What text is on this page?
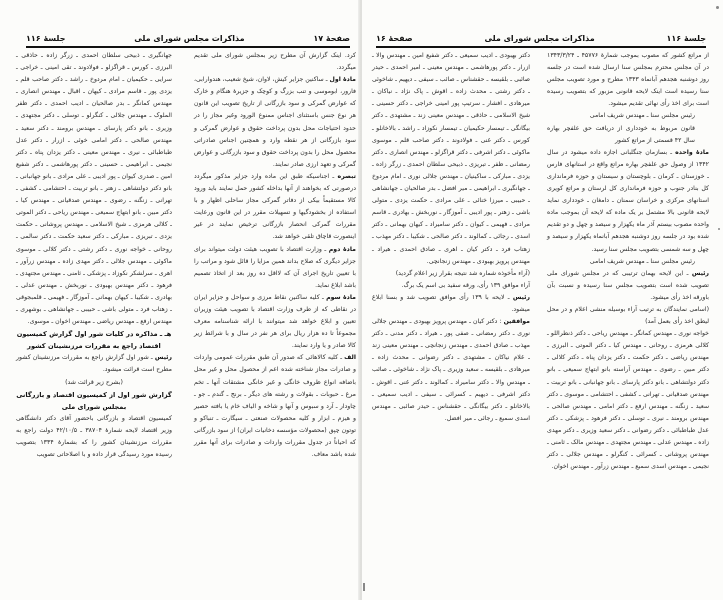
صفحهٔ ۱۷
مذاکرات مجلس شورای ملی
جلسهٔ ۱۱۶

کرد. اینک گزارش آن مطرح زیر بمجلس شورای ملی تقدیم میگردد.

مادهٔ اول ـ ساکنین جزایر کیش، لاوان، شیخ شعیب، هندوارابی، فارور، ابوموسی و تنب بزرگ و کوچک و جزیرهٔ هنگام و خارک که عوارض گمرکی و سود بازرگانی از تاریخ تصویب این قانون هر نوع جنس باستثنای اجناس ممنوع الورود وغیر مجاز را در حدود احتیاجات محل بدون پرداخت حقوق و عوارض گمرکی و سود بازرگانی از هر نقطه وارد و همچنین اجناس صادراتی محصول محل را بدون پرداخت حقوق و سود بازرگانی و عوارض گمرکی و تعهد ارزی صادر نمایند.

تبصره ـ اجناسیکه طبق این ماده وارد جزایر مذکور میگردد درصورتی که بخواهند از آنها بداخله کشور حمل نمایند باید ورود کالا مستقیماً بیکی از دفاتر گمرکی مجاز ساحلی اظهار و با استفاده از بخشودگیها و تسهیلات مقرر در این قانون ورعایت مقررات گمرکی انحصار بازرگانی ترخیص نمایند در غیر اینصورت قاچاق تلقی خواهد شد.

مادهٔ دوم ـ وزارت اقتصاد با تصویب هیئت دولت میتواند برای جزایر دیگری که صلاح بداند همین مزایا را قائل شود و مراتب را با تعیین تاریخ اجرای آن که لااقل ده روز بعد از اتخاذ تصمیم باشد ابلاغ نماید.

مادهٔ سوم ـ کلیه ساکنین نقاط مرزی و سواحل و جزایر ایران در نقاطی که از طرف وزارت اقتصاد با تصویب هیئت وزیران تعیین و ابلاغ خواهد شد میتوانند با ارائه شناسنامه معرف مجموعاً تا ده هزار ریال برای هر نفر در سال و با شرائط زیر کالا صادر و یا وارد نمایند.

الف ـ کلیه کالاهائی که صدور آن طبق مقررات عمومی واردات و صادرات مجاز شناخته شده اعم از محصول محل و غیر محل باضافه انواع ظروف خانگی و غیر خانگی مشتقات آنها ـ تخم مرغ ـ حبوبات ـ بقولات و رشته های دیگر ـ برنج ـ گندم ـ جو ـ چاودار ـ آرد و سبوس و آنها و شاخه و الیاف خام یا بافته حصیر و هیزم ـ ابزار و کلیه محصولات صنعتی ـ سیگارت ـ تنباکو و توتون چپق (محصولات مؤسسه دخانیات ایران) از سود بازرگانی که احیاناً در جدول مقررات واردات و صادرات برای آنها مقرر شده باشد معاف.

جهانگیری ـ ذبیحی سلطان احمدی ـ زرگر زاده ـ حاذقی ـ البرزی ـ کورس ـ قراگزلو ـ فولادوند ـ تقی امینی ـ خراجی ـ سرایی ـ حکیمیان ـ امام مردوخ ـ راشد ـ دکتر صاحب قلم ـ یزدی پور ـ قاسم مرادی ـ کیهان ـ اقبال ـ مهندس انصاری ـ مهندس کمانگر ـ بدر صالحیان ـ ادیب احمدی ـ دکتر ظفر الملوک ـ مهندس جلالی ـ کنگرلو ـ توسلی ـ دکتر مجتهدی ـ وزیری ـ بانو دکتر پارسای ـ مهندس برومند ـ دکتر سعید ـ مهندس صالحی ـ دکتر امامی خوئی ـ ازرار ـ دکتر عدل طباطبائی ـ نیری ـ مهندس معینی ـ دکتر یزدان پناه ـ دکتر نجیمی ـ ابراهیمی ـ حسینی ـ دکتر پورهاشمی ـ دکتر شفیع امین ـ صدری کیوان ـ پور ادیبی ـ علی مرادی ـ بانو جهانبانی ـ بانو دکتر دولتشاهی ـ زهتر ـ بانو تربیت ـ احتشامی ـ کشفی ـ تهرانی ـ زنگنه ـ رضوی ـ مهندس صدقیانی ـ مهندس کیا ـ دکتر مبین ـ بانو ابتهاج سمیعی ـ مهندس ریاحی ـ دکتر الموتی ـ کلالی هرمزی ـ شیخ الاسلامی ـ مهندس پروشانی ـ حکمت یزدی ـ تبریزی ـ مبارکی ـ دکتر سعید حکمت ـ دکتر سالمی ـ روحانی ـ خواجه نوری ـ دکتر رشتی ـ دکتر کلالی ـ موسوی ماکوئی ـ مهندس جلالی ـ دکتر مهدی زاده ـ مهندس زرآور ـ اهری ـ سرلشکر نکوزاد ـ پزشکی ـ ثامنی ـ مهندس مجتهدی ـ فرهود ـ دکتر مهندس بهبودی ـ نوربخش ـ مهندس عدلی ـ بهادری ـ شکیبا ـ کیهان بهمانی ـ آموزگار ـ فهیمی ـ قلمبجوقی ـ زهتاب فرد ـ متولی باشی ـ حبیبی ـ جهانشاهی ـ بوشهری ـ مهندس ارفع ـ مهندس ریاضی ـ مهندس اخوان ـ موسوی.

هـ ـ مذاکره در کلیات شور اول گزارش کمیسیون اقتصاد راجع به مقررات مرزنشینان کشور

رئیس ـ شور اول گزارش راجع به مقررات مرزنشینان کشور مطرح است قرائت میشود.

(بشرح زیر قرائت شد)

گزارش شور اول از کمیسیون اقتصاد و بازرگانی بمجلس شورای ملی

کمیسیون اقتصاد و بازرگانی باحضور آقای دکتر دانشگاهی وزیر اقتصاد لایحه شمارهٔ ۳۸۷۰۴ ـ ۴۲/۱۰/۵ دولت راجع به مقررات مرزنشینان کشور را که بشمارهٔ ۱۳۳۴ بتصویب رسیده مورد رسیدگی قرار داده و با اصلاحاتی تصویب

جلسهٔ ۱۱۶
مذاکرات مجلس شورای ملی
صفحهٔ ۱۶

از مراتع کشور که مصوب بموجب شمارهٔ ۴۵۷۷۶ ـ ۱۳۴۳/۳/۲۴ در آن مجلس محترم بمجلس سنا ارسال شده است در جلسه روز دوشنبه هجدهم آبانماه ۱۳۴۳ مطرح و مورد تصویب مجلس سنا رسیده است اینک لایحه قانونی مزبور که بتصویب رسیده است برای اخذ رأی نهائی تقدیم میشود.

رئیس مجلس سنا ـ مهندس شریف امامی

قانون مربوط به خودداری از دریافت حق علفچر بهاره سال ۴۲ قسمتی از مراتع کشور

مادهٔ واحده ـ بسازمان جنگلبانی اجازه داده میشود در سال ۱۳۴۲ از وصول حق علفچر بهاره مراتع واقع در استانهای فارس ـ خوزستان ـ کرمان ـ بلوچستان و سیستان و حوزه فرمانداری کل بنادر جنوب و حوزه فرمانداری کل لرستان و مراتع کویری استانهای مرکزی و خراسان سمنان ـ دامغان ـ خودداری نماید لایحه قانونی بالا مشتمل بر یک ماده که لایحه آن بموجب ماده واحده مصوب بیستم آذر ماه یکهزار و سیصد و چهل و دو تقدیم شده بود در جلسه روز دوشنبه هجدهم آبانماه یکهزار و سیصد و چهل و سه شمسی بتصویب مجلس سنا رسید.

رئیس مجلس سنا ـ مهندس شریف امامی

رئیس ـ این لایحه بهمان ترتیبی که در مجلس شورای ملی تصویب شده است بتصویب مجلس سنا رسیده و نسبت بآن باورقه اخذ رأی میشود.

(اسامی نمایندگان به ترتیب آراء بوسیله منشی اعلام و در محل لیطق اخذ رأی بعمل آمد)

خواجه نوری ـ مهندس کمانگر ـ مهندس ریاحی ـ دکتر ذنطراللو ـ کلالی هرمزی ـ روحانی ـ مهندس کیا ـ دکتر الموتی ـ البرزی ـ مهندس ریاضی ـ دکتر حکمت ـ دکتر یزدان پناه ـ دکتر کلالی ـ دکتر مبین ـ رضوی ـ مهندس آراسته بانو ابتهاج سمیعی ـ بانو دکتر دولتشاهی ـ بانو دکتر پارسای ـ بانو جهانبانی ـ بانو تربیت ـ مهندس صدقیانی ـ تهرانی ـ کشفی ـ احتشامی ـ موسوی ـ دکتر سعید ـ زنگنه ـ مهندس ارفع ـ دکتر امامی ـ مهندس صالحی ـ مهندس برومند ـ نیری ـ توسلی ـ دکتر فرهود ـ پزشکی ـ دکتر عدل طباطبائی ـ دکتر رضوانی ـ دکتر سعید وزیری ـ دکتر مهدی زاده ـ مهندس عدلی ـ مهندس مجتهدی ـ مهندس مالک ـ ثامنی ـ مهندس پروشانی ـ کسرائی ـ کنگرلو ـ مهندس جلالی ـ دکتر نجیمی ـ مهندس اسدی سمیع ـ مهندس زرآور ـ مهندس اخوان.

دکتر بهبودی ـ ادیب سمیعی ـ دکتر شفیع امین ـ مهندس والا ـ ازرار ـ دکتر پورهاشمی ـ مهندس معینی ـ امیر احمدی ـ حیدر صائبی ـ بلقیسه ـ حقشناس ـ صائب ـ سیفی ـ دیهیم ـ شاخوئی ـ دکتر رشتی ـ محدث زاده ـ اقوش ـ پاک نژاد ـ نیاکان ـ میرهادی ـ افشار ـ سرتیپ پور امینی خراجی ـ دکتر حسینی ـ شیخ الاسلامی ـ حاذقی ـ مهندس معینی زند ـ مشتهدی ـ دکتر بیگانگی ـ تیمسار حکیمیان ـ تیمسار نکوزاد ـ راشد ـ بالاخانلو ـ کورس ـ دکتر غنی ـ فولادوند ـ دکتر صاحب قلم ـ موسوی ماکوئی ـ دکتر اشرفی ـ دکتر قراگزلو ـ مهندس انصاری ـ دکتر رمضانی ـ ظفر ـ تبریزی ـ ذبیحی سلطان احمدی ـ زرگر زاده ـ یزدی ـ مبارکی ـ ساکینیان ـ مهندس جلالی نوری ـ امام مردوخ ـ جهانگیری ـ ابراهیمی ـ میر افضل ـ بدر صالحیان ـ جهانشاهی ـ حبیبی ـ میرزا خنائی ـ علی مرادی ـ حکمت یزدی ـ متولی باشی ـ زهتر ـ پور ادیبی ـ آموزگار ـ نوربخش ـ بهادری ـ قاسم مرادی ـ فهیمی ـ کیوان ـ دکتر سامیراد ـ کیهان بهمانی ـ دکتر اسدی ـ رجائی ـ کمالوند ـ دکتر صالحی ـ شکیبا ـ دکتر مهذب ـ زهتاب فرد ـ دکتر کیان ـ اهری ـ صادق احمدی ـ هیراد ـ مهندس پرویز بهبودی ـ مهندس زنجانچی.

(آراء مأخوذه شماره شد نتیجه بقرار زیر اعلام گردید)

آراء موافق ۱۳۹ رأی، ورقه سفید بی اسم یک برگ.

رئیس ـ لایحه با ۱۳۹ رأی موافق تصویب شد و بسنا ابلاغ میشود.

موافقین : دکتر کیان ـ مهندس پرویز بهبودی ـ مهندس جلالی نوری ـ دکتر رمضانی ـ صفی پور ـ هیراد ـ دکتر مدنی ـ دکتر مهذب ـ صادق احمدی ـ مهندس زنجانچی ـ مهندس معینی زند ـ غلام نیاکان ـ مشتهدی ـ دکتر رضوانی ـ محدث زاده ـ میرهادی ـ بلقیسه ـ سعید وزیری ـ پاک نژاد ـ شاخوئی ـ صائب ـ مهندس والا ـ دکتر سامیراد ـ کمالوند ـ دکتر غنی ـ اقوش ـ دکتر اشرفی ـ دیهیم ـ کسرائی ـ سیفی ـ ادیب سمیعی ـ بالاخانلو ـ دکتر بیگانگی ـ حقشناس ـ حیدر صائبی ـ مهندس اسدی سمیع ـ رجائی ـ میر افضل.
